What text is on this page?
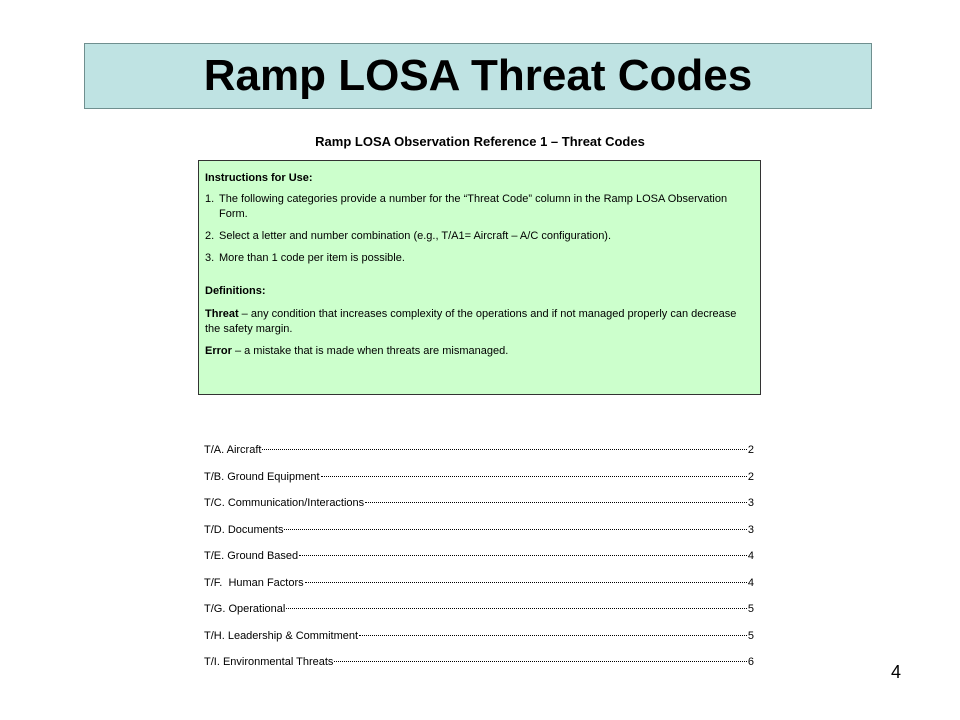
Ramp LOSA Threat Codes
Ramp LOSA Observation Reference 1 – Threat Codes
Instructions for Use:
1. The following categories provide a number for the “Threat Code” column in the Ramp LOSA Observation Form.
2. Select a letter and number combination (e.g., T/A1= Aircraft – A/C configuration).
3. More than 1 code per item is possible.
Definitions:
Threat – any condition that increases complexity of the operations and if not managed properly can decrease the safety margin.
Error – a mistake that is made when threats are mismanaged.
T/A. Aircraft	2
T/B. Ground Equipment	2
T/C. Communication/Interactions	3
T/D. Documents	3
T/E. Ground Based	4
T/F.  Human Factors	4
T/G. Operational	5
T/H. Leadership & Commitment	5
T/I. Environmental Threats	6	4
